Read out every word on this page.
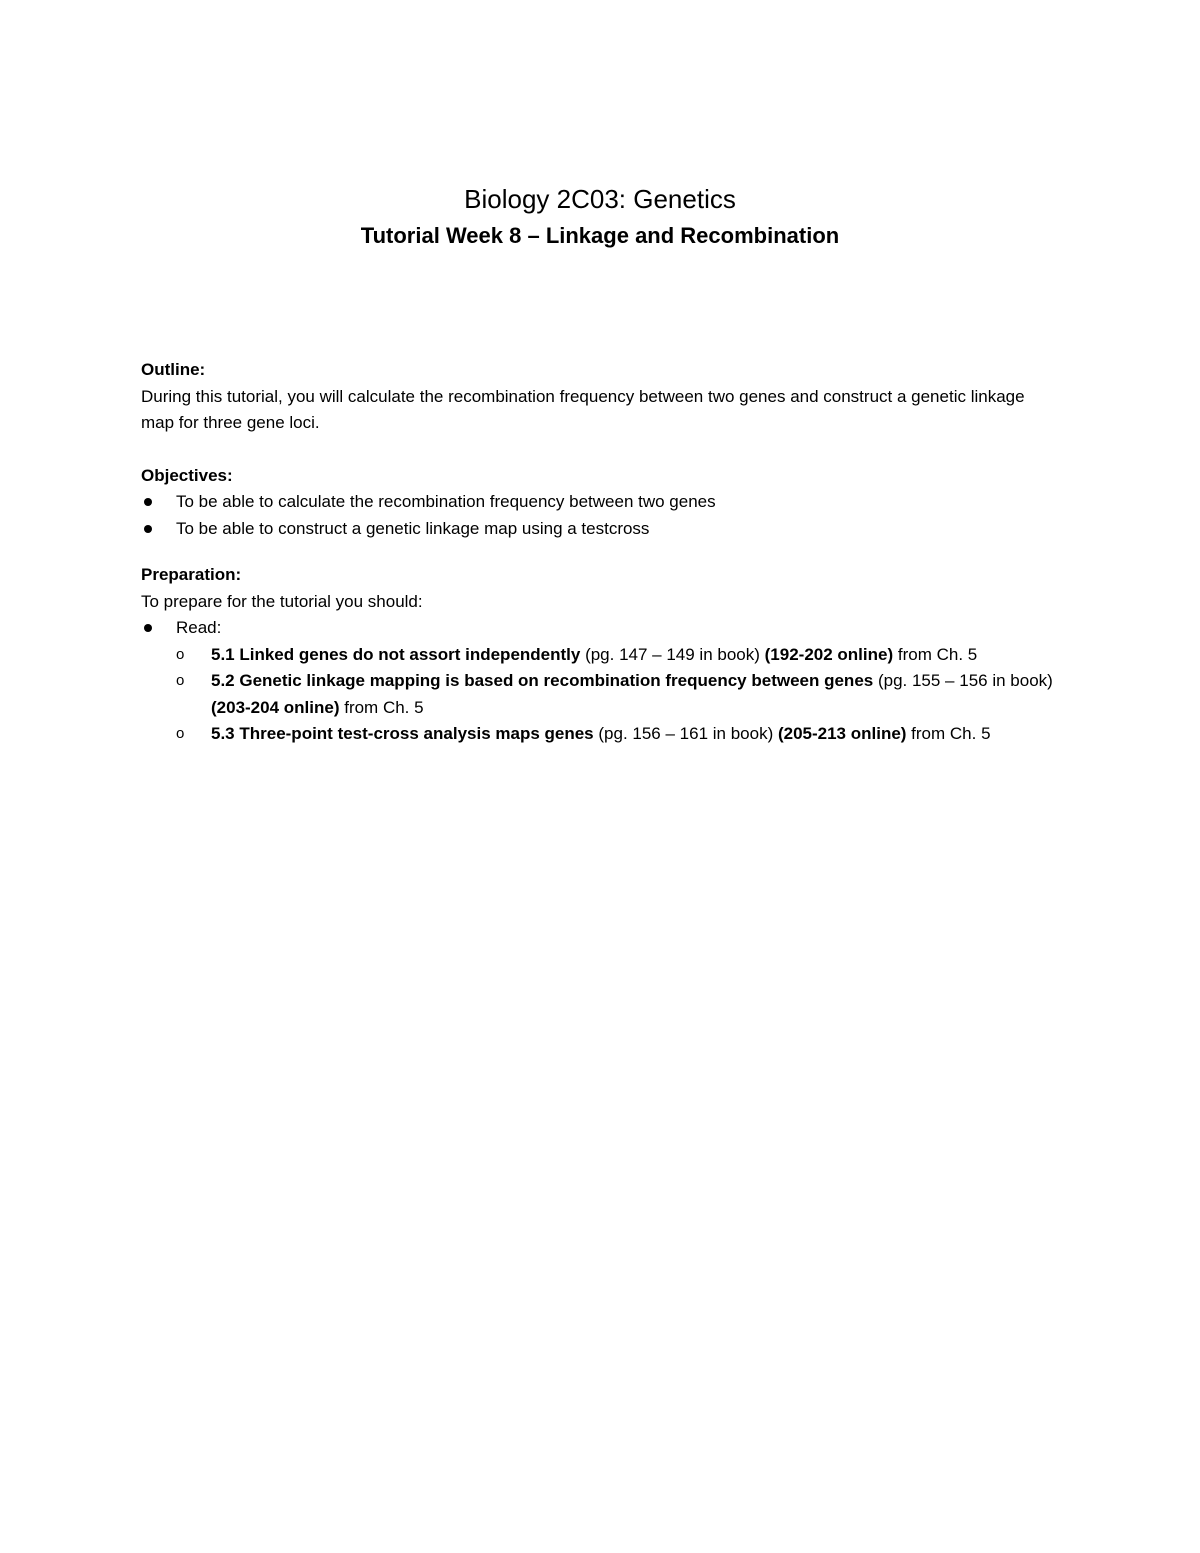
Biology 2C03: Genetics
Tutorial Week 8 – Linkage and Recombination
Outline:

During this tutorial, you will calculate the recombination frequency between two genes and construct a genetic linkage map for three gene loci.

Objectives:
To be able to calculate the recombination frequency between two genes
To be able to construct a genetic linkage map using a testcross
Preparation:

To prepare for the tutorial you should:

Read:
o 5.1 Linked genes do not assort independently (pg. 147 – 149 in book) (192-202 online) from Ch. 5
o 5.2 Genetic linkage mapping is based on recombination frequency between genes (pg. 155 – 156 in book) (203-204 online) from Ch. 5
o 5.3 Three-point test-cross analysis maps genes (pg. 156 – 161 in book) (205-213 online) from Ch. 5
